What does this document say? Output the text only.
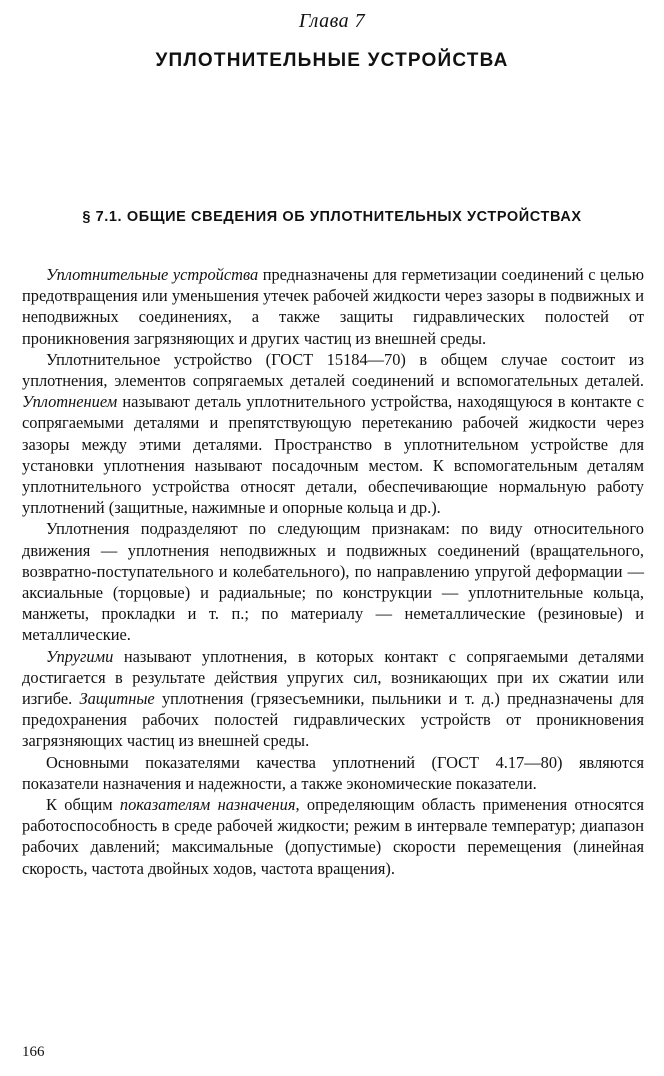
Глава 7
УПЛОТНИТЕЛЬНЫЕ УСТРОЙСТВА
§ 7.1. ОБЩИЕ СВЕДЕНИЯ ОБ УПЛОТНИТЕЛЬНЫХ УСТРОЙСТВАХ

Уплотнительные устройства предназначены для герметизации соединений с целью предотвращения или уменьшения утечек рабочей жидкости через зазоры в подвижных и неподвижных соединениях, а также защиты гидравлических полостей от проникновения загрязняющих и других частиц из внешней среды.

Уплотнительное устройство (ГОСТ 15184—70) в общем случае состоит из уплотнения, элементов сопрягаемых деталей соединений и вспомогательных деталей. Уплотнением называют деталь уплотнительного устройства, находящуюся в контакте с сопрягаемыми деталями и препятствующую перетеканию рабочей жидкости через зазоры между этими деталями. Пространство в уплотнительном устройстве для установки уплотнения называют посадочным местом. К вспомогательным деталям уплотнительного устройства относят детали, обеспечивающие нормальную работу уплотнений (защитные, нажимные и опорные кольца и др.).

Уплотнения подразделяют по следующим признакам: по виду относительного движения — уплотнения неподвижных и подвижных соединений (вращательного, возвратно-поступательного и колебательного), по направлению упругой деформации — аксиальные (торцовые) и радиальные; по конструкции — уплотнительные кольца, манжеты, прокладки и т. п.; по материалу — неметаллические (резиновые) и металлические.

Упругими называют уплотнения, в которых контакт с сопрягаемыми деталями достигается в результате действия упругих сил, возникающих при их сжатии или изгибе. Защитные уплотнения (грязесъемники, пыльники и т. д.) предназначены для предохранения рабочих полостей гидравлических устройств от проникновения загрязняющих частиц из внешней среды.

Основными показателями качества уплотнений (ГОСТ 4.17—80) являются показатели назначения и надежности, а также экономические показатели.

К общим показателям назначения, определяющим область применения относятся работоспособность в среде рабочей жидкости; режим в интервале температур; диапазон рабочих давлений; максимальные (допустимые) скорости перемещения (линейная скорость, частота двойных ходов, частота вращения).

166
